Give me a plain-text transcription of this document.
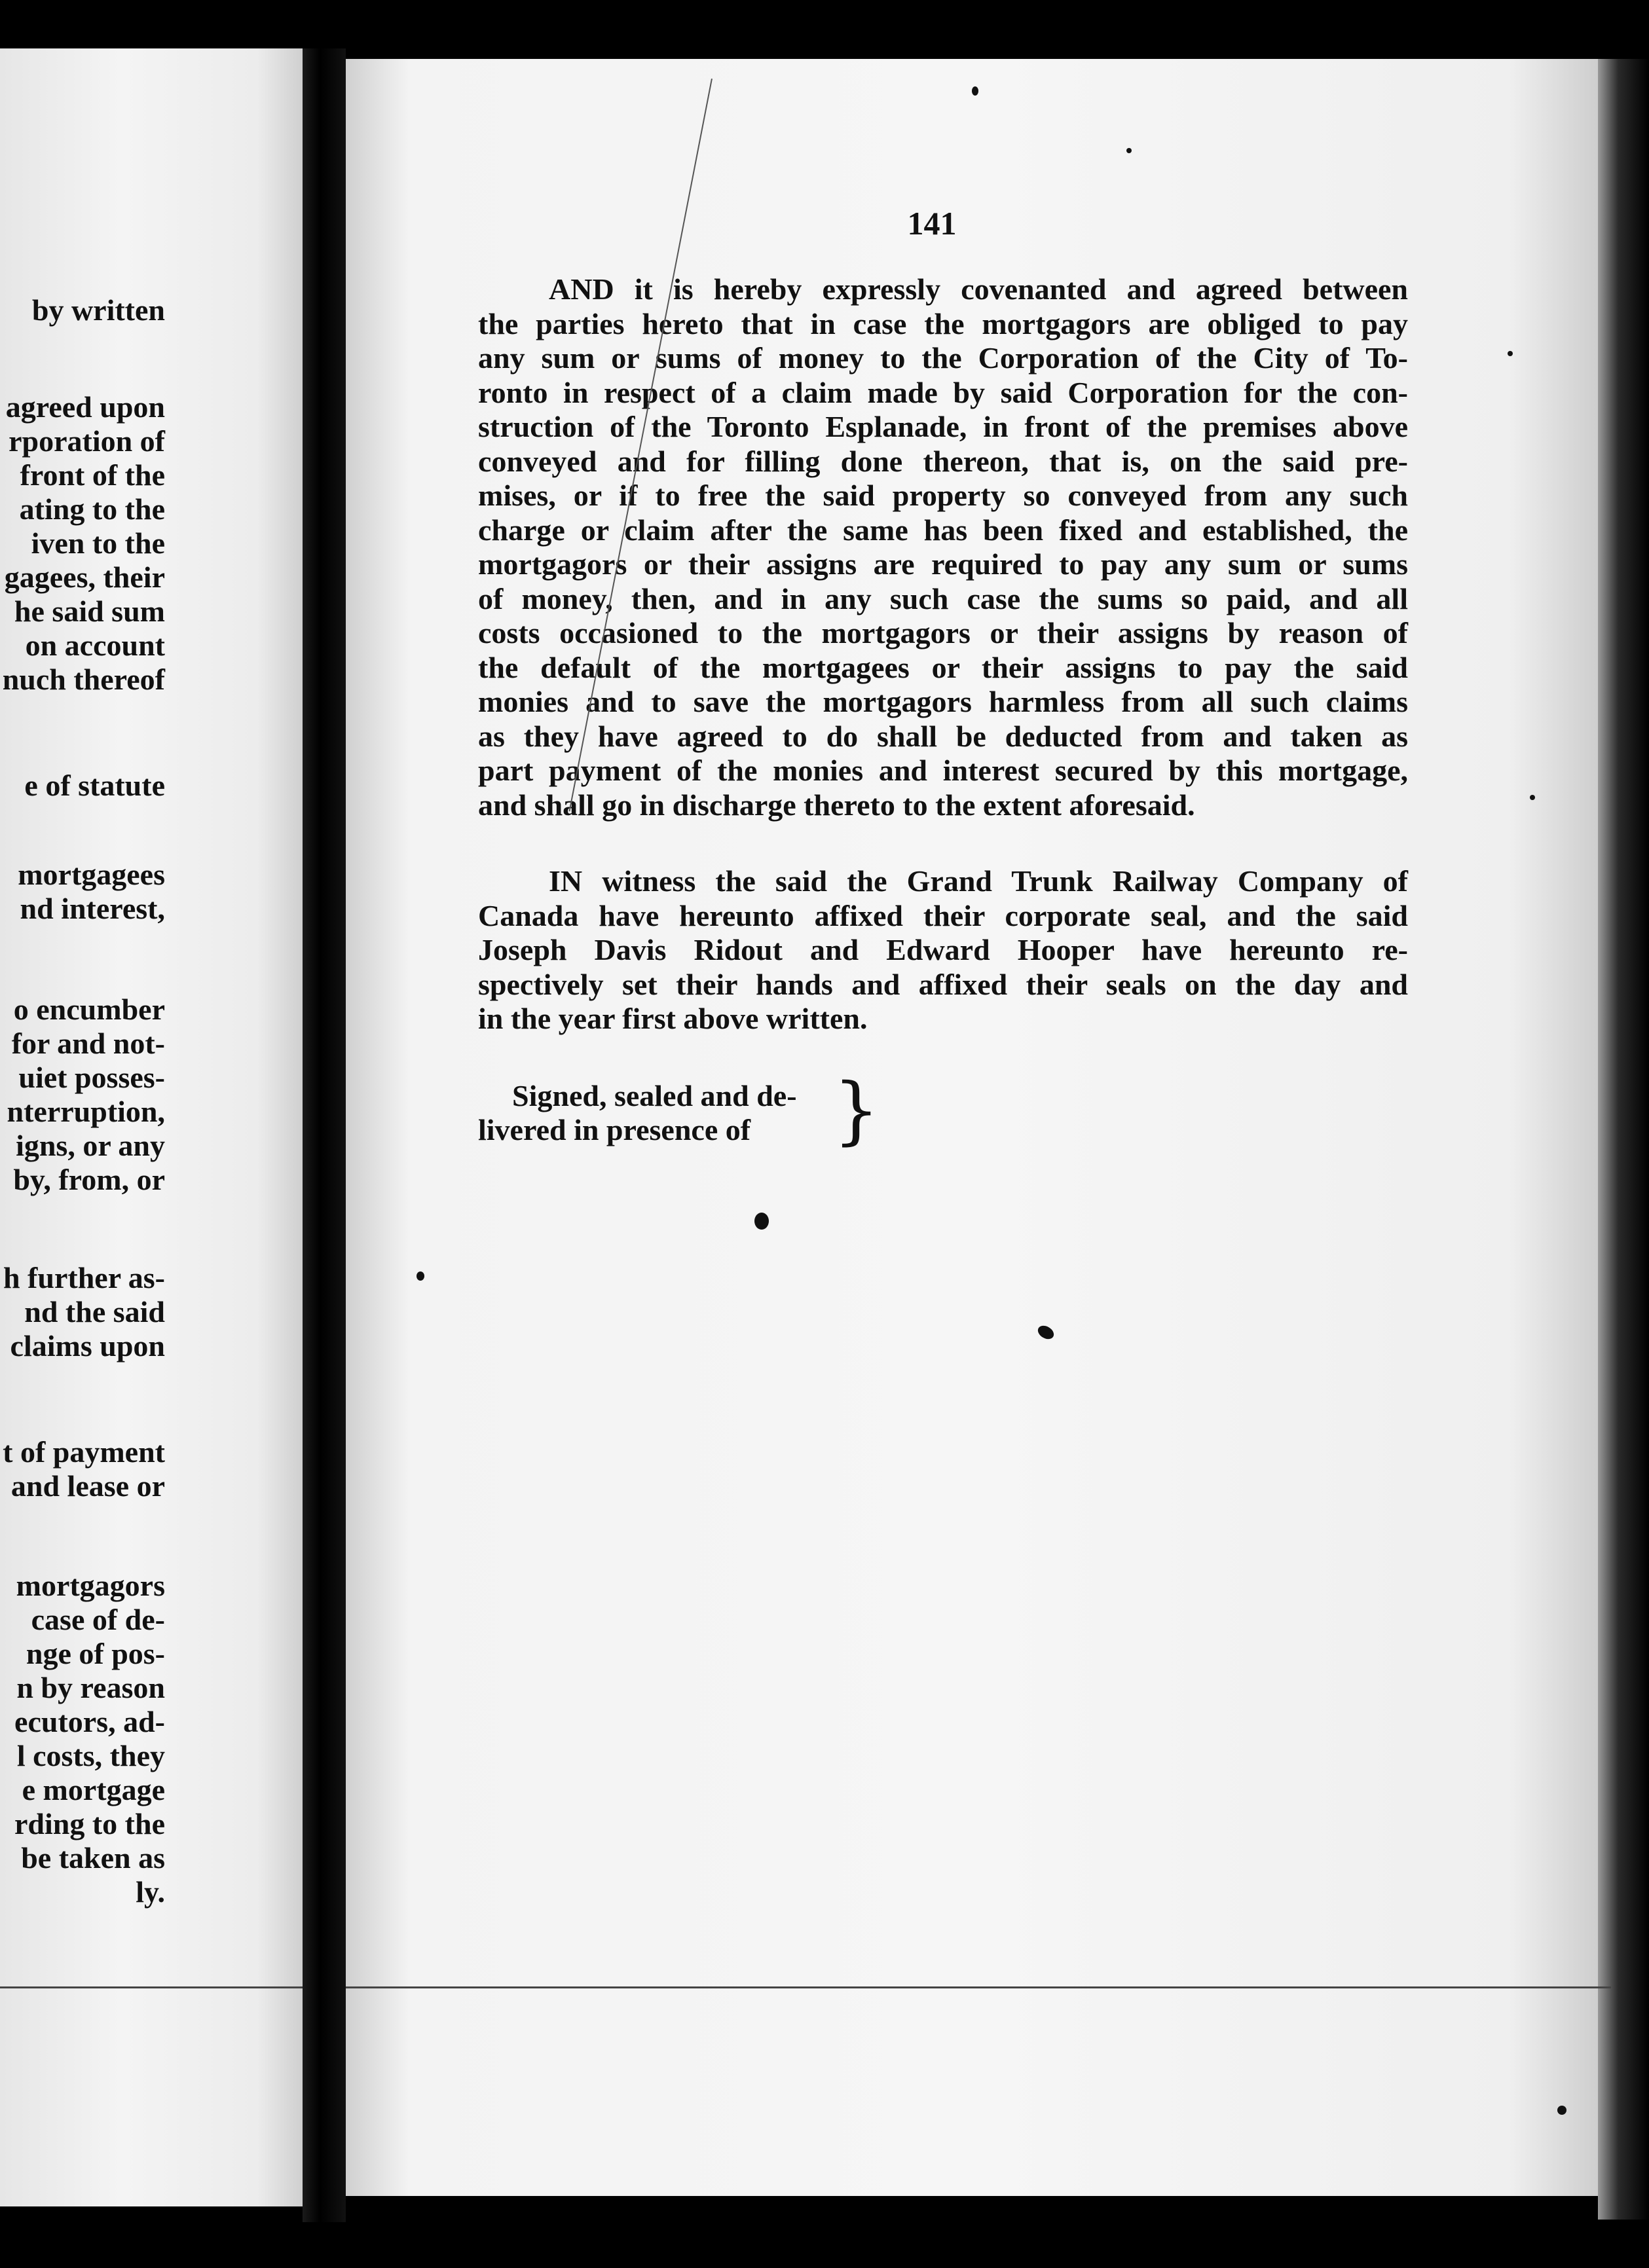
141
AND it is hereby expressly covenanted and agreed between
the parties hereto that in case the mortgagors are obliged to pay
any sum or sums of money to the Corporation of the City of To-
ronto in respect of a claim made by said Corporation for the con-
struction of the Toronto Esplanade, in front of the premises above
conveyed and for filling done thereon, that is, on the said pre-
mises, or if to free the said property so conveyed from any such
charge or claim after the same has been fixed and established, the
mortgagors or their assigns are required to pay any sum or sums
of money, then, and in any such case the sums so paid, and all
costs occasioned to the mortgagors or their assigns by reason of
the default of the mortgagees or their assigns to pay the said
monies and to save the mortgagors harmless from all such claims
as they have agreed to do shall be deducted from and taken as
part payment of the monies and interest secured by this mortgage,
and shall go in discharge thereto to the extent aforesaid.
IN witness the said the Grand Trunk Railway Company of
Canada have hereunto affixed their corporate seal, and the said
Joseph Davis Ridout and Edward Hooper have hereunto re-
spectively set their hands and affixed their seals on the day and
in the year first above written.
Signed, sealed and de-
livered in presence of	}
by written
agreed upon
rporation of
front of the
ating to the
iven to the
gagees, their
he said sum
on account
nuch thereof
e of statute
mortgagees
nd interest,
o encumber
for and not-
uiet posses-
nterruption,
igns, or any
by, from, or
h further as-
nd the said
claims upon
t of payment
and lease or
mortgagors
case of de-
nge of pos-
n by reason
ecutors, ad-
l costs, they
e mortgage
rding to the
be taken as
ly.
